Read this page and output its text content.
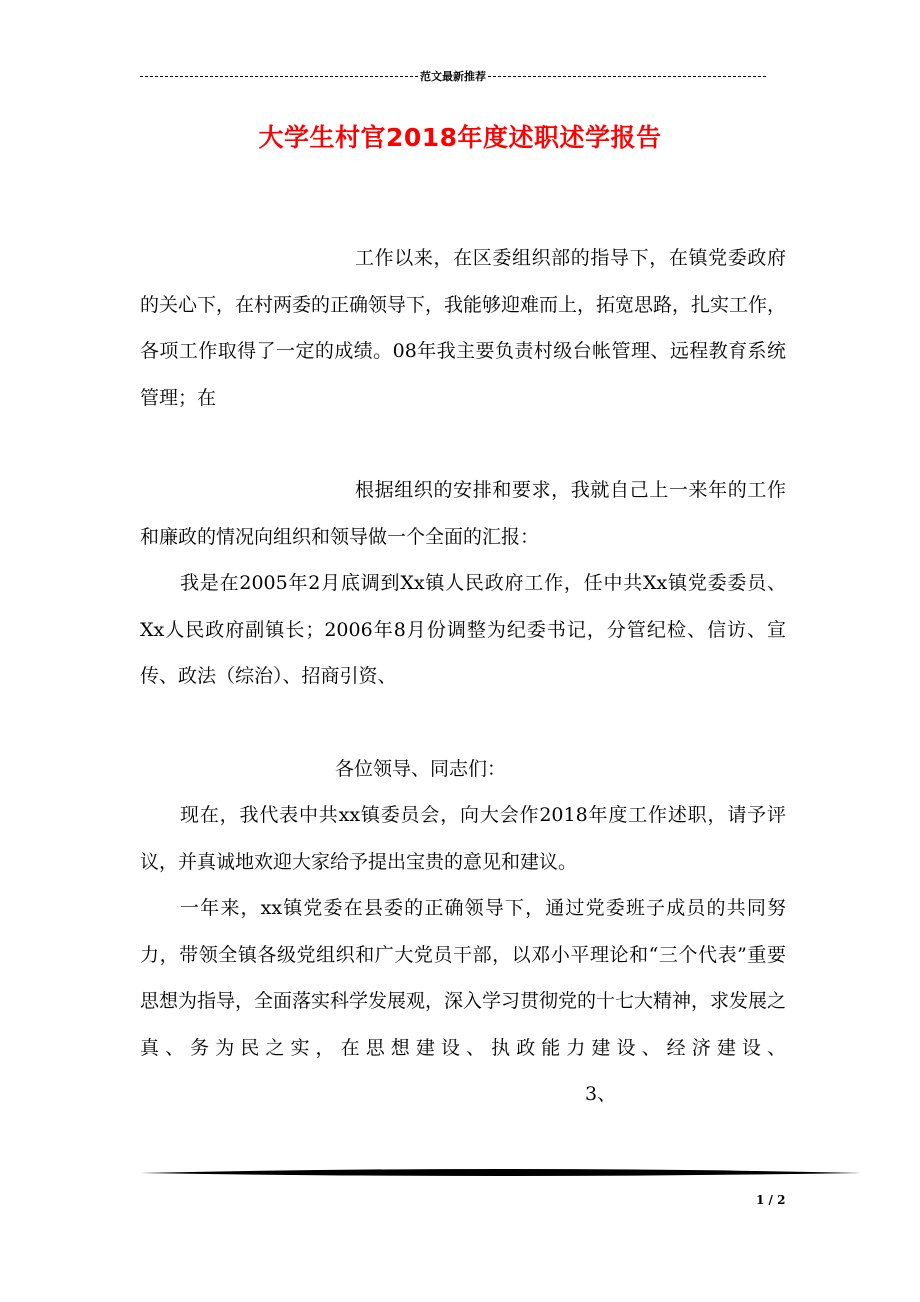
范文最新推荐
大学生村官2018年度述职述学报告

工作以来，在区委组织部的指导下，在镇党委政府的关心下，在村两委的正确领导下，我能够迎难而上，拓宽思路，扎实工作，各项工作取得了一定的成绩。08年我主要负责村级台帐管理、远程教育系统管理；在

根据组织的安排和要求，我就自己上一来年的工作和廉政的情况向组织和领导做一个全面的汇报：

我是在2005年2月底调到Xx镇人民政府工作，任中共Xx镇党委委员、Xx人民政府副镇长；2006年8月份调整为纪委书记，分管纪检、信访、宣传、政法（综治）、招商引资、

各位领导、同志们：

现在，我代表中共xx镇委员会，向大会作2018年度工作述职，请予评议，并真诚地欢迎大家给予提出宝贵的意见和建议。

一年来，xx镇党委在县委的正确领导下，通过党委班子成员的共同努力，带领全镇各级党组织和广大党员干部，以邓小平理论和“三个代表”重要思想为指导，全面落实科学发展观，深入学习贯彻党的十七大精神，求发展之真、务为民之实，在思想建设、执政能力建设、经济建设、3、

1 / 2
